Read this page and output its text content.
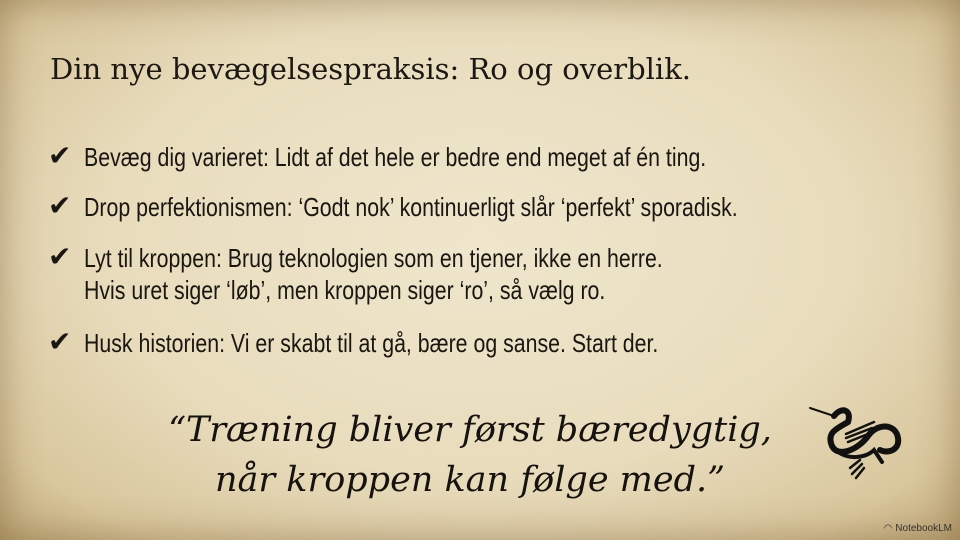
Din nye bevægelsespraksis: Ro og overblik.
✔ Bevæg dig varieret: Lidt af det hele er bedre end meget af én ting.
✔ Drop perfektionismen: ‘Godt nok’ kontinuerligt slår ‘perfekt’ sporadisk.
✔ Lyt til kroppen: Brug teknologien som en tjener, ikke en herre.
Hvis uret siger ‘løb’, men kroppen siger ‘ro’, så vælg ro.
✔ Husk historien: Vi er skabt til at gå, bære og sanse. Start der.
“Træning bliver først bæredygtig,
når kroppen kan følge med.”
◠ NotebookLM
